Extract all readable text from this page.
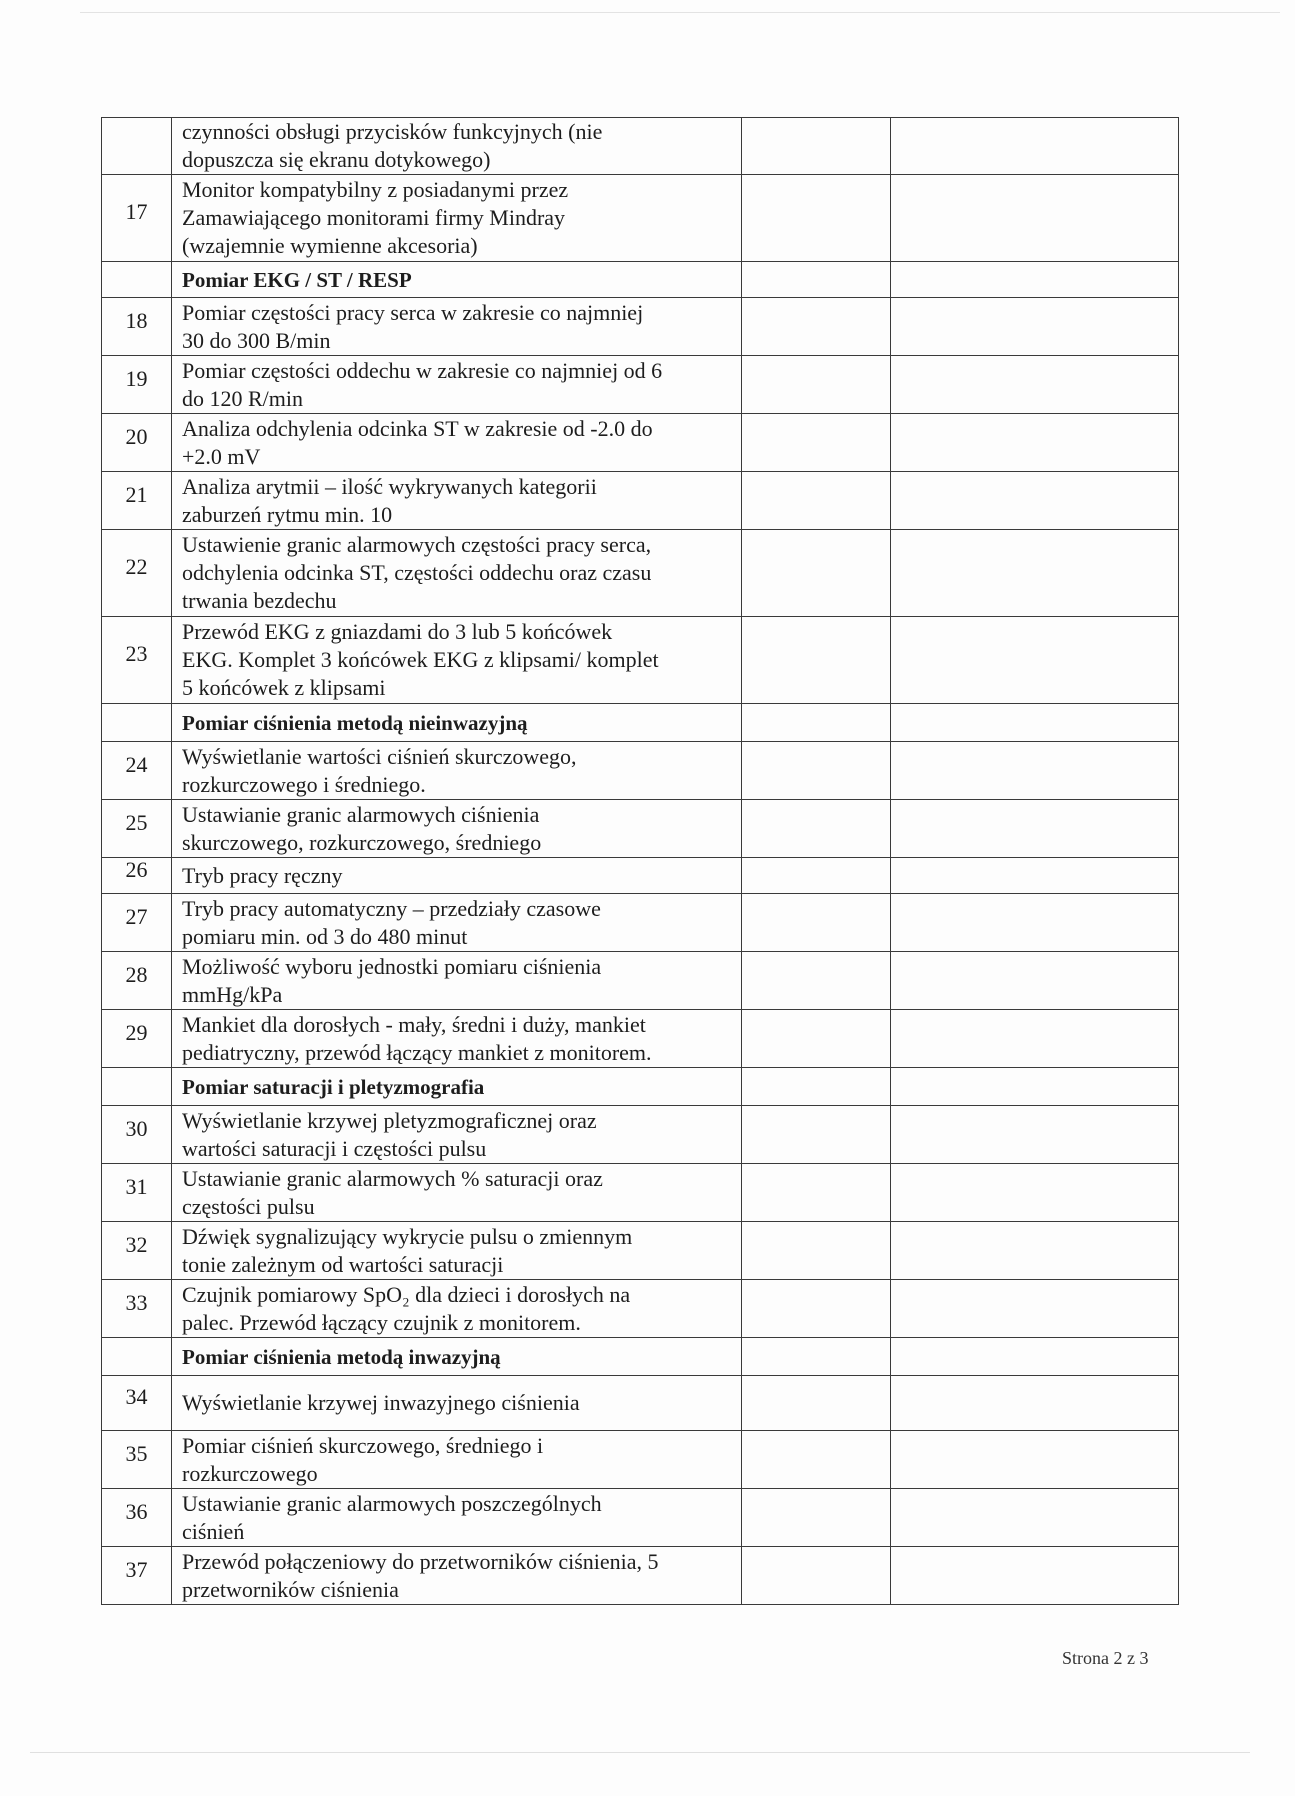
	czynności obsługi przycisków funkcyjnych (nie
dopuszcza się ekranu dotykowego)		

17	Monitor kompatybilny z posiadanymi przez
Zamawiającego monitorami firmy Mindray
(wzajemnie wymienne akcesoria)		

	Pomiar EKG / ST / RESP		

18	Pomiar częstości pracy serca w zakresie co najmniej
30 do 300 B/min		

19	Pomiar częstości oddechu w zakresie co najmniej od 6
do 120 R/min		

20	Analiza odchylenia odcinka ST w zakresie od -2.0 do
+2.0 mV		

21	Analiza arytmii – ilość wykrywanych kategorii
zaburzeń rytmu min. 10		

22	Ustawienie granic alarmowych częstości pracy serca,
odchylenia odcinka ST, częstości oddechu oraz czasu
trwania bezdechu		

23	Przewód EKG z gniazdami do 3 lub 5 końcówek
EKG. Komplet 3 końcówek EKG z klipsami/ komplet
5 końcówek z klipsami		

	Pomiar ciśnienia metodą nieinwazyjną		

24	Wyświetlanie wartości ciśnień skurczowego,
rozkurczowego i średniego.		

25	Ustawianie granic alarmowych ciśnienia
skurczowego, rozkurczowego, średniego		

26	Tryb pracy ręczny		

27	Tryb pracy automatyczny – przedziały czasowe
pomiaru min. od 3 do 480 minut		

28	Możliwość wyboru jednostki pomiaru ciśnienia
mmHg/kPa		

29	Mankiet dla dorosłych - mały, średni i duży, mankiet
pediatryczny, przewód łączący mankiet z monitorem.		

	Pomiar saturacji i pletyzmografia		

30	Wyświetlanie krzywej pletyzmograficznej oraz
wartości saturacji i częstości pulsu		

31	Ustawianie granic alarmowych % saturacji oraz
częstości pulsu		

32	Dźwięk sygnalizujący wykrycie pulsu o zmiennym
tonie zależnym od wartości saturacji		

33	Czujnik pomiarowy SpO₂ dla dzieci i dorosłych na
palec. Przewód łączący czujnik z monitorem.		

	Pomiar ciśnienia metodą inwazyjną		

34	Wyświetlanie krzywej inwazyjnego ciśnienia		

35	Pomiar ciśnień skurczowego, średniego i
rozkurczowego		

36	Ustawianie granic alarmowych poszczególnych
ciśnień		

37	Przewód połączeniowy do przetworników ciśnienia, 5
przetworników ciśnienia		

Strona 2 z 3
